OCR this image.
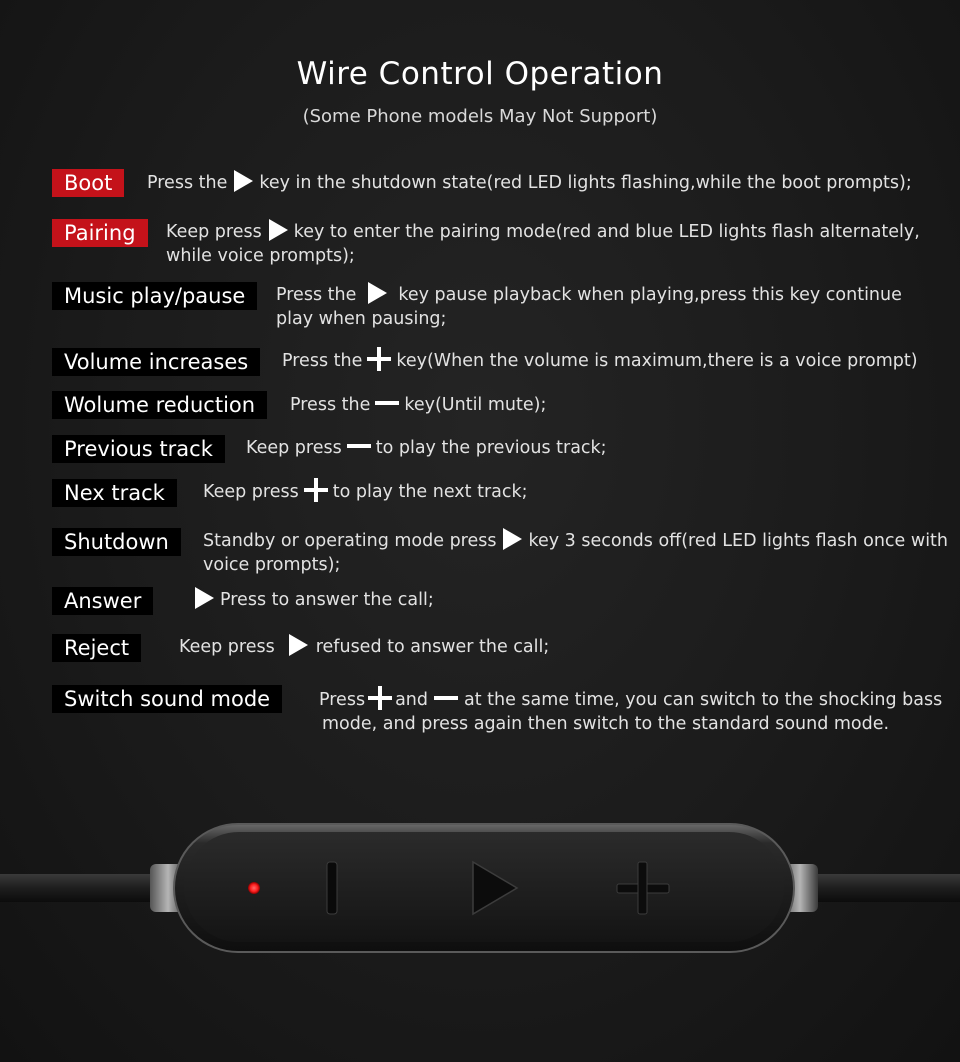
Wire Control Operation
(Some Phone models May Not Support)
Boot	Press the key in the shutdown state(red LED lights flashing,while the boot prompts);
Pairing	Keep press key to enter the pairing mode(red and blue LED lights flash alternately,
while voice prompts);
Music play/pause	Press the key pause playback when playing,press this key continue
play when pausing;
Volume increases	Press the key(When the volume is maximum,there is a voice prompt)
Wolume reduction	Press the key(Until mute);
Previous track	Keep press to play the previous track;
Nex track	Keep press to play the next track;
Shutdown	Standby or operating mode press key 3 seconds off(red LED lights flash once with
voice prompts);
Answer	Press to answer the call;
Reject	Keep press refused to answer the call;
Switch sound mode	Press and at the same time, you can switch to the shocking bass
mode, and press again then switch to the standard sound mode.
